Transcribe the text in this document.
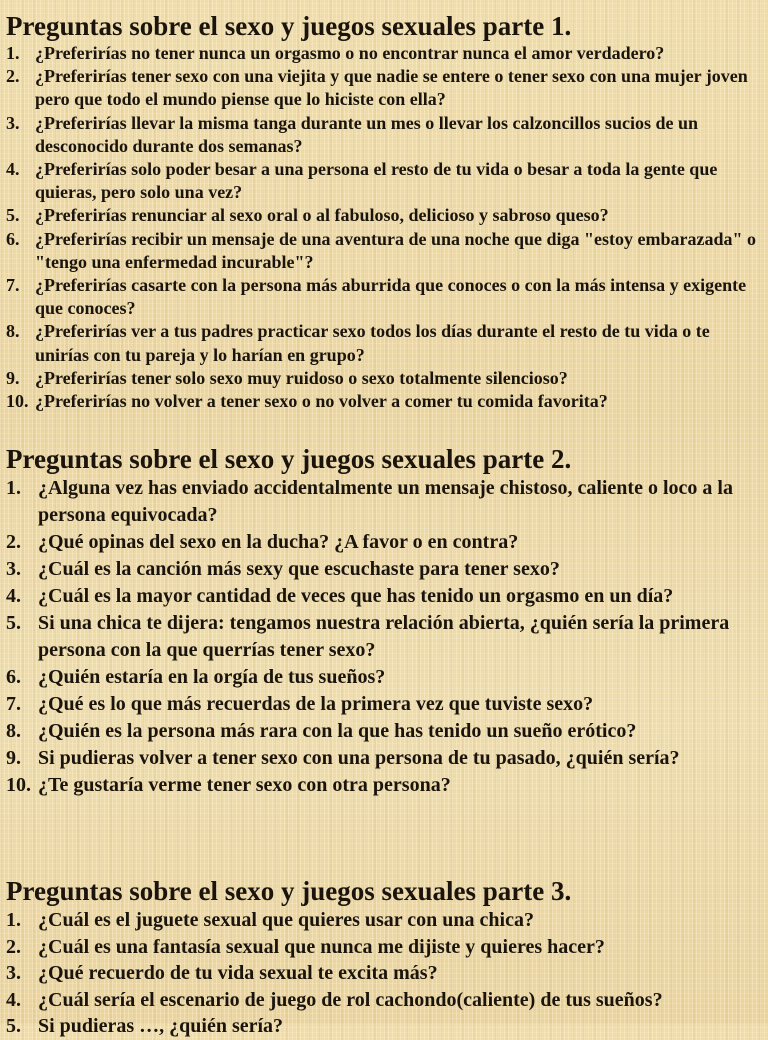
Preguntas sobre el sexo y juegos sexuales parte 1.
1. ¿Preferirías no tener nunca un orgasmo o no encontrar nunca el amor verdadero?
2. ¿Preferirías tener sexo con una viejita y que nadie se entere o tener sexo con una mujer joven pero que todo el mundo piense que lo hiciste con ella?
3. ¿Preferirías llevar la misma tanga durante un mes o llevar los calzoncillos sucios de un desconocido durante dos semanas?
4. ¿Preferirías solo poder besar a una persona el resto de tu vida o besar a toda la gente que quieras, pero solo una vez?
5. ¿Preferirías renunciar al sexo oral o al fabuloso, delicioso y sabroso queso?
6. ¿Preferirías recibir un mensaje de una aventura de una noche que diga "estoy embarazada" o "tengo una enfermedad incurable"?
7. ¿Preferirías casarte con la persona más aburrida que conoces o con la más intensa y exigente que conoces?
8. ¿Preferirías ver a tus padres practicar sexo todos los días durante el resto de tu vida o te unirías con tu pareja y lo harían en grupo?
9. ¿Preferirías tener solo sexo muy ruidoso o sexo totalmente silencioso?
10. ¿Preferirías no volver a tener sexo o no volver a comer tu comida favorita?
Preguntas sobre el sexo y juegos sexuales parte 2.
1. ¿Alguna vez has enviado accidentalmente un mensaje chistoso, caliente o loco a la persona equivocada?
2. ¿Qué opinas del sexo en la ducha? ¿A favor o en contra?
3. ¿Cuál es la canción más sexy que escuchaste para tener sexo?
4. ¿Cuál es la mayor cantidad de veces que has tenido un orgasmo en un día?
5. Si una chica te dijera: tengamos nuestra relación abierta, ¿quién sería la primera persona con la que querrías tener sexo?
6. ¿Quién estaría en la orgía de tus sueños?
7. ¿Qué es lo que más recuerdas de la primera vez que tuviste sexo?
8. ¿Quién es la persona más rara con la que has tenido un sueño erótico?
9. Si pudieras volver a tener sexo con una persona de tu pasado, ¿quién sería?
10. ¿Te gustaría verme tener sexo con otra persona?
Preguntas sobre el sexo y juegos sexuales parte 3.
1. ¿Cuál es el juguete sexual que quieres usar con una chica?
2. ¿Cuál es una fantasía sexual que nunca me dijiste y quieres hacer?
3. ¿Qué recuerdo de tu vida sexual te excita más?
4. ¿Cuál sería el escenario de juego de rol cachondo(caliente) de tus sueños?
5. Si pudieras …, ¿quién sería?
